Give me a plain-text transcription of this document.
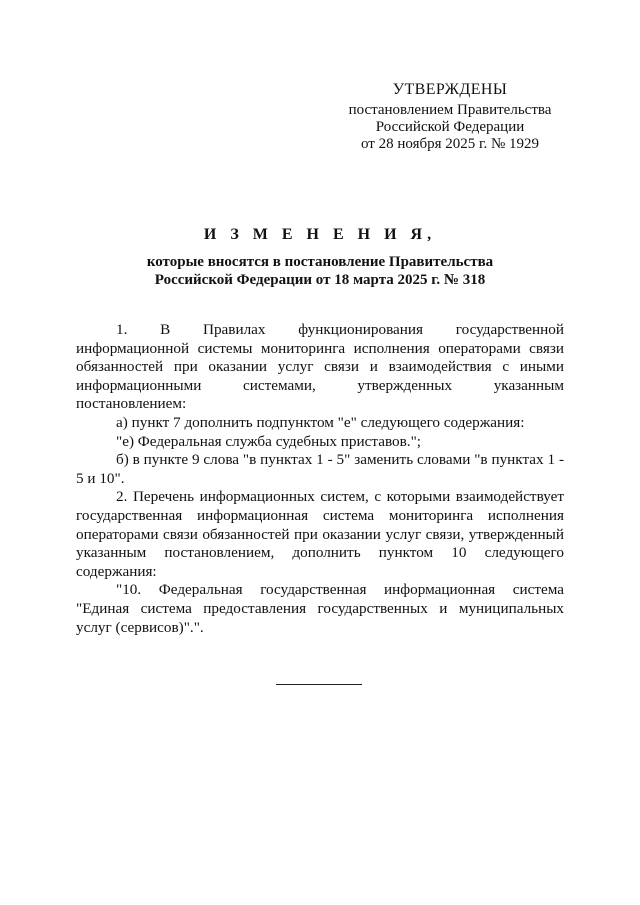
УТВЕРЖДЕНЫ
постановлением Правительства
Российской Федерации
от 28 ноября 2025 г. № 1929
И З М Е Н Е Н И Я,
которые вносятся в постановление Правительства
Российской Федерации от 18 марта 2025 г. № 318

1. В Правилах функционирования государственной информационной системы мониторинга исполнения операторами связи обязанностей при оказании услуг связи и взаимодействия с иными информационными системами, утвержденных указанным постановлением:

а) пункт 7 дополнить подпунктом "е" следующего содержания:

"е) Федеральная служба судебных приставов.";

б) в пункте 9 слова "в пунктах 1 - 5" заменить словами "в пунктах 1 - 5 и 10".

2. Перечень информационных систем, с которыми взаимодействует государственная информационная система мониторинга исполнения операторами связи обязанностей при оказании услуг связи, утвержденный указанным постановлением, дополнить пунктом 10 следующего содержания:

"10. Федеральная государственная информационная система "Единая система предоставления государственных и муниципальных услуг (сервисов)".".
